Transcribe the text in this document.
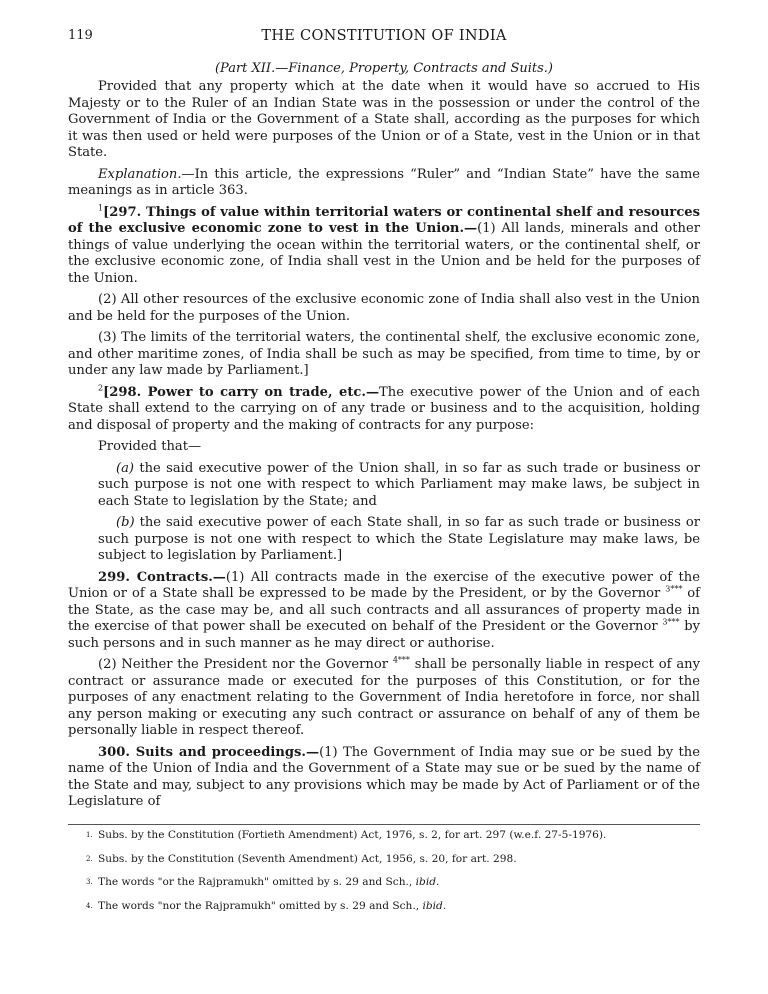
119	THE CONSTITUTION OF INDIA
(Part XII.—Finance, Property, Contracts and Suits.)

Provided that any property which at the date when it would have so accrued to His Majesty or to the Ruler of an Indian State was in the possession or under the control of the Government of India or the Government of a State shall, according as the purposes for which it was then used or held were purposes of the Union or of a State, vest in the Union or in that State.

Explanation.—In this article, the expressions “Ruler” and “Indian State” have the same meanings as in article 363.

$^1$[297. Things of value within territorial waters or continental shelf and resources of the exclusive economic zone to vest in the Union.—(1) All lands, minerals and other things of value underlying the ocean within the territorial waters, or the continental shelf, or the exclusive economic zone, of India shall vest in the Union and be held for the purposes of the Union.

(2) All other resources of the exclusive economic zone of India shall also vest in the Union and be held for the purposes of the Union.

(3) The limits of the territorial waters, the continental shelf, the exclusive economic zone, and other maritime zones, of India shall be such as may be specified, from time to time, by or under any law made by Parliament.]

$^2$[298. Power to carry on trade, etc.—The executive power of the Union and of each State shall extend to the carrying on of any trade or business and to the acquisition, holding and disposal of property and the making of contracts for any purpose:

Provided that—

(a) the said executive power of the Union shall, in so far as such trade or business or such purpose is not one with respect to which Parliament may make laws, be subject in each State to legislation by the State; and

(b) the said executive power of each State shall, in so far as such trade or business or such purpose is not one with respect to which the State Legislature may make laws, be subject to legislation by Parliament.]

299. Contracts.—(1) All contracts made in the exercise of the executive power of the Union or of a State shall be expressed to be made by the President, or by the Governor $^{3***}$ of the State, as the case may be, and all such contracts and all assurances of property made in the exercise of that power shall be executed on behalf of the President or the Governor $^{3***}$ by such persons and in such manner as he may direct or authorise.

(2) Neither the President nor the Governor $^{4***}$ shall be personally liable in respect of any contract or assurance made or executed for the purposes of this Constitution, or for the purposes of any enactment relating to the Government of India heretofore in force, nor shall any person making or executing any such contract or assurance on behalf of any of them be personally liable in respect thereof.

300. Suits and proceedings.—(1) The Government of India may sue or be sued by the name of the Union of India and the Government of a State may sue or be sued by the name of the State and may, subject to any provisions which may be made by Act of Parliament or of the Legislature of

1. Subs. by the Constitution (Fortieth Amendment) Act, 1976, s. 2, for art. 297 (w.e.f. 27-5-1976).
2. Subs. by the Constitution (Seventh Amendment) Act, 1956, s. 20, for art. 298.
3. The words "or the Rajpramukh" omitted by s. 29 and Sch., ibid.
4. The words "nor the Rajpramukh" omitted by s. 29 and Sch., ibid.
